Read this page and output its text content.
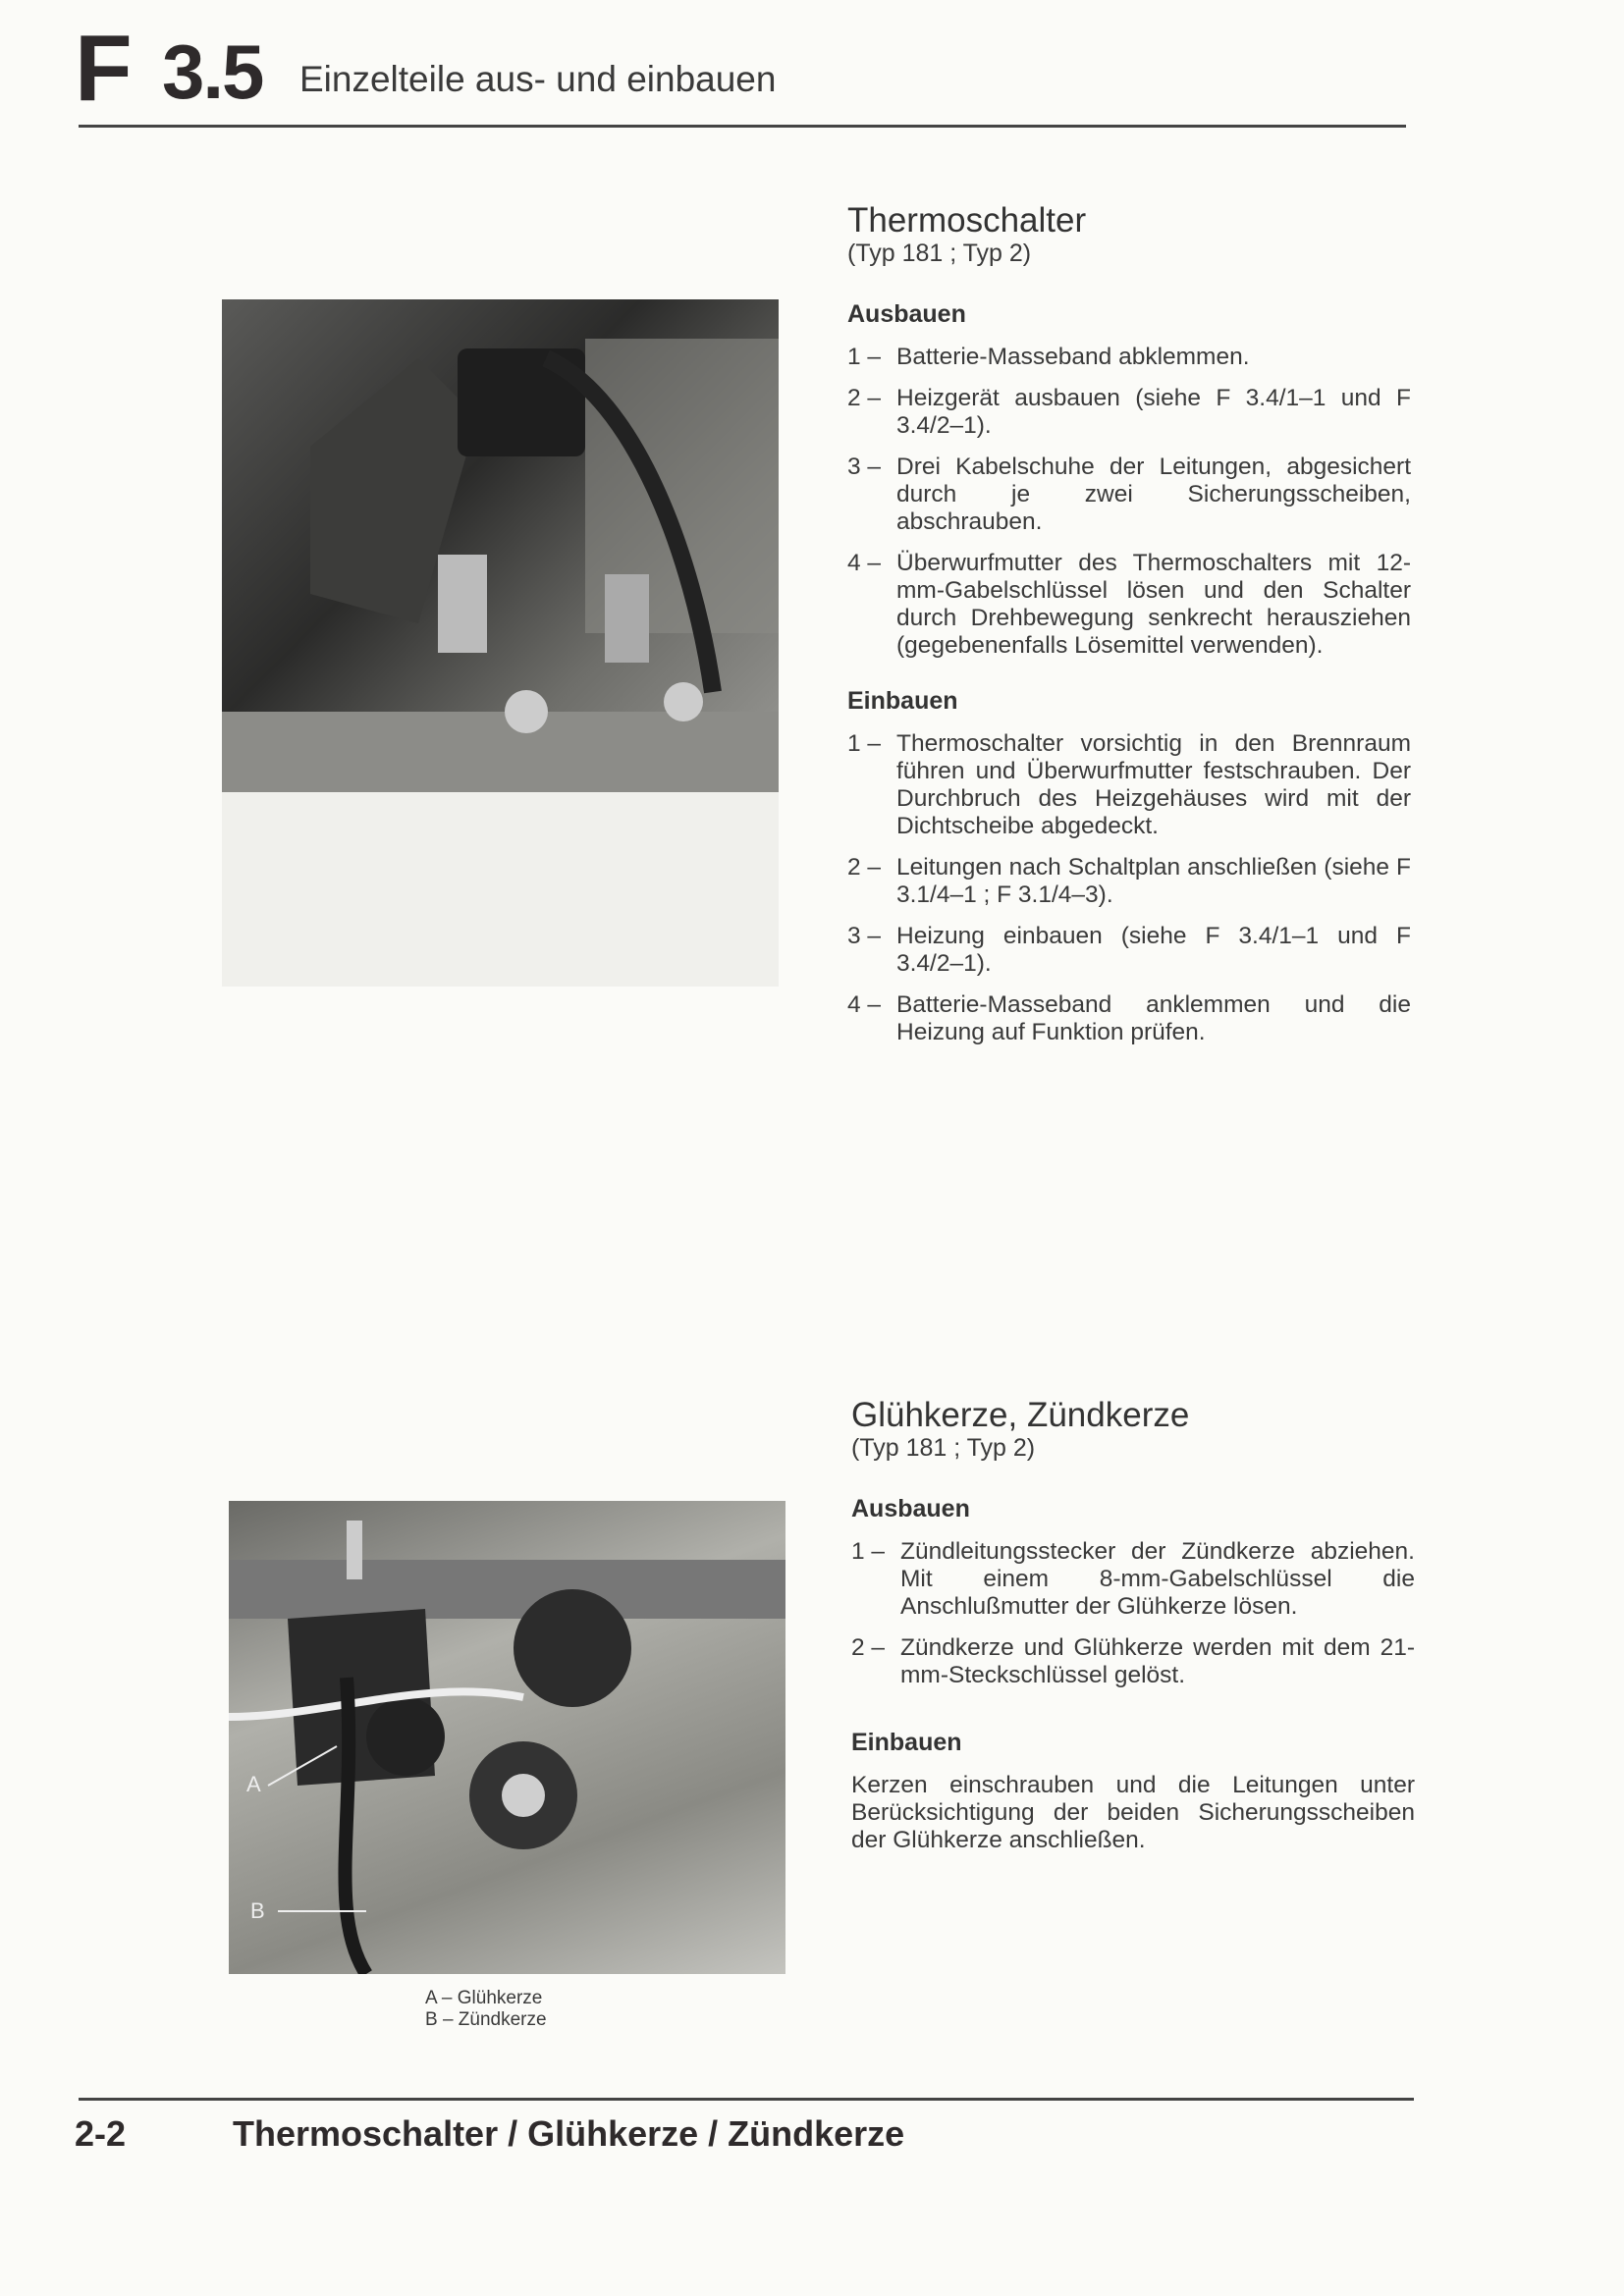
F 3.5 Einzelteile aus- und einbauen
Thermoschalter
(Typ 181 ; Typ 2)
Ausbauen
1 – Batterie-Masseband abklemmen.
2 – Heizgerät ausbauen (siehe F 3.4/1–1 und F 3.4/2–1).
3 – Drei Kabelschuhe der Leitungen, abgesichert durch je zwei Sicherungsscheiben, abschrauben.
4 – Überwurfmutter des Thermoschalters mit 12-mm-Gabelschlüssel lösen und den Schalter durch Drehbewegung senkrecht herausziehen (gegebenenfalls Lösemittel verwenden).
Einbauen
1 – Thermoschalter vorsichtig in den Brennraum führen und Überwurfmutter festschrauben. Der Durchbruch des Heizgehäuses wird mit der Dichtscheibe abgedeckt.
2 – Leitungen nach Schaltplan anschließen (siehe F 3.1/4–1 ; F 3.1/4–3).
3 – Heizung einbauen (siehe F 3.4/1–1 und F 3.4/2–1).
4 – Batterie-Masseband anklemmen und die Heizung auf Funktion prüfen.
A
B
A – Glühkerze
B – Zündkerze
Glühkerze, Zündkerze
(Typ 181 ; Typ 2)
Ausbauen
1 – Zündleitungsstecker der Zündkerze abziehen. Mit einem 8-mm-Gabelschlüssel die Anschlußmutter der Glühkerze lösen.
2 – Zündkerze und Glühkerze werden mit dem 21-mm-Steckschlüssel gelöst.
Einbauen
Kerzen einschrauben und die Leitungen unter Berücksichtigung der beiden Sicherungsscheiben der Glühkerze anschließen.
2-2	Thermoschalter / Glühkerze / Zündkerze
